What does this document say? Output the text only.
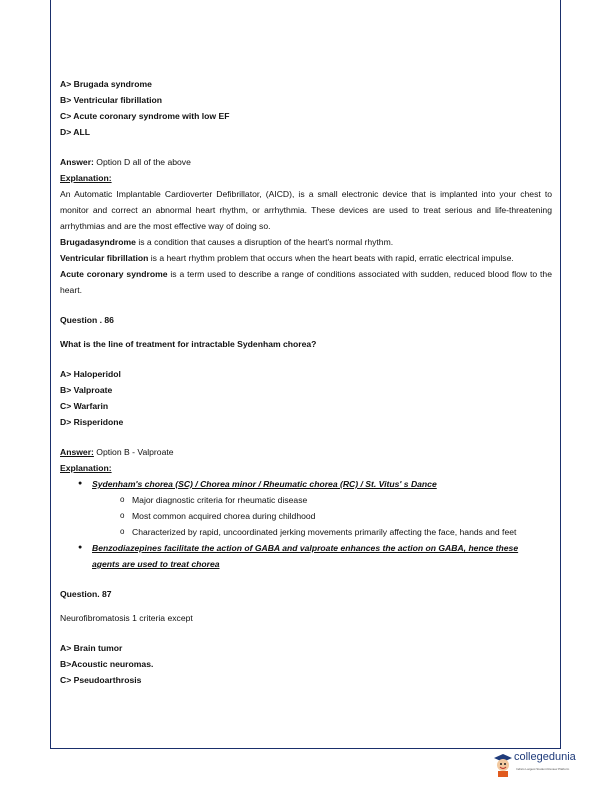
A> Brugada syndrome
B> Ventricular fibrillation
C> Acute coronary syndrome with low EF
D> ALL
Answer: Option D all of the above
Explanation:
An Automatic Implantable Cardioverter Defibrillator, (AICD), is a small electronic device that is implanted into your chest to monitor and correct an abnormal heart rhythm, or arrhythmia. These devices are used to treat serious and life-threatening arrhythmias and are the most effective way of doing so.
Brugadasyndrome is a condition that causes a disruption of the heart's normal rhythm.
Ventricular fibrillation is a heart rhythm problem that occurs when the heart beats with rapid, erratic electrical impulse.
Acute coronary syndrome is a term used to describe a range of conditions associated with sudden, reduced blood flow to the heart.
Question . 86
What is the line of treatment for intractable Sydenham chorea?
A> Haloperidol
B> Valproate
C> Warfarin
D> Risperidone
Answer: Option B - Valproate
Explanation:
● Sydenham's chorea (SC) / Chorea minor / Rheumatic chorea (RC) / St. Vitus' s Dance
o Major diagnostic criteria for rheumatic disease
o Most common acquired chorea during childhood
o Characterized by rapid, uncoordinated jerking movements primarily affecting the face, hands and feet
● Benzodiazepines facilitate the action of GABA and valproate enhances the action on GABA, hence these agents are used to treat chorea
Question. 87
Neurofibromatosis 1 criteria except
A> Brain tumor
B>Acoustic neuromas.
C> Pseudoarthrosis
collegedunia
India's Largest Student Review Platform
